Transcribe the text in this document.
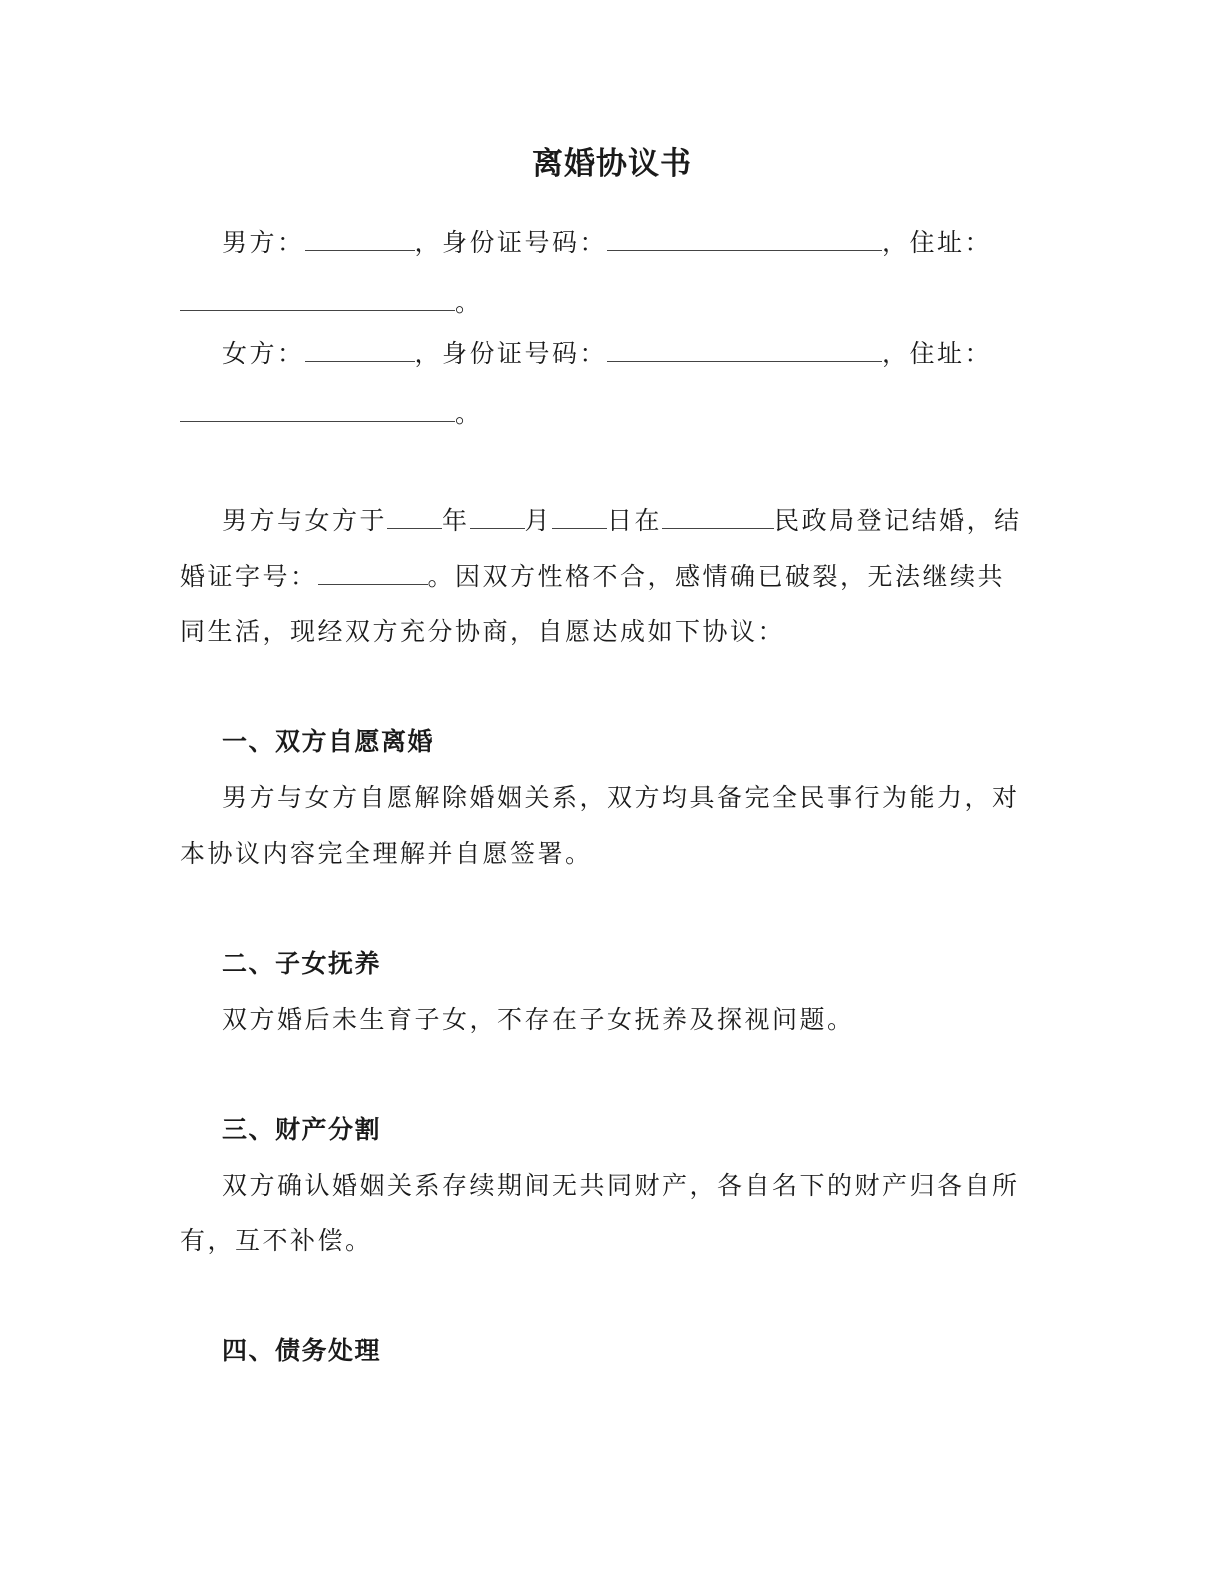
离婚协议书
男方：	，身份证号码：	，住址：
。
女方：	，身份证号码：	，住址：
。
男方与女方于 年 月 日在	民政局登记结婚，结
婚证字号：	。因双方性格不合，感情确已破裂，无法继续共
同生活，现经双方充分协商，自愿达成如下协议：
一、双方自愿离婚
男方与女方自愿解除婚姻关系，双方均具备完全民事行为能力，对
本协议内容完全理解并自愿签署。
二、子女抚养
双方婚后未生育子女，不存在子女抚养及探视问题。
三、财产分割
双方确认婚姻关系存续期间无共同财产，各自名下的财产归各自所
有，互不补偿。
四、债务处理
